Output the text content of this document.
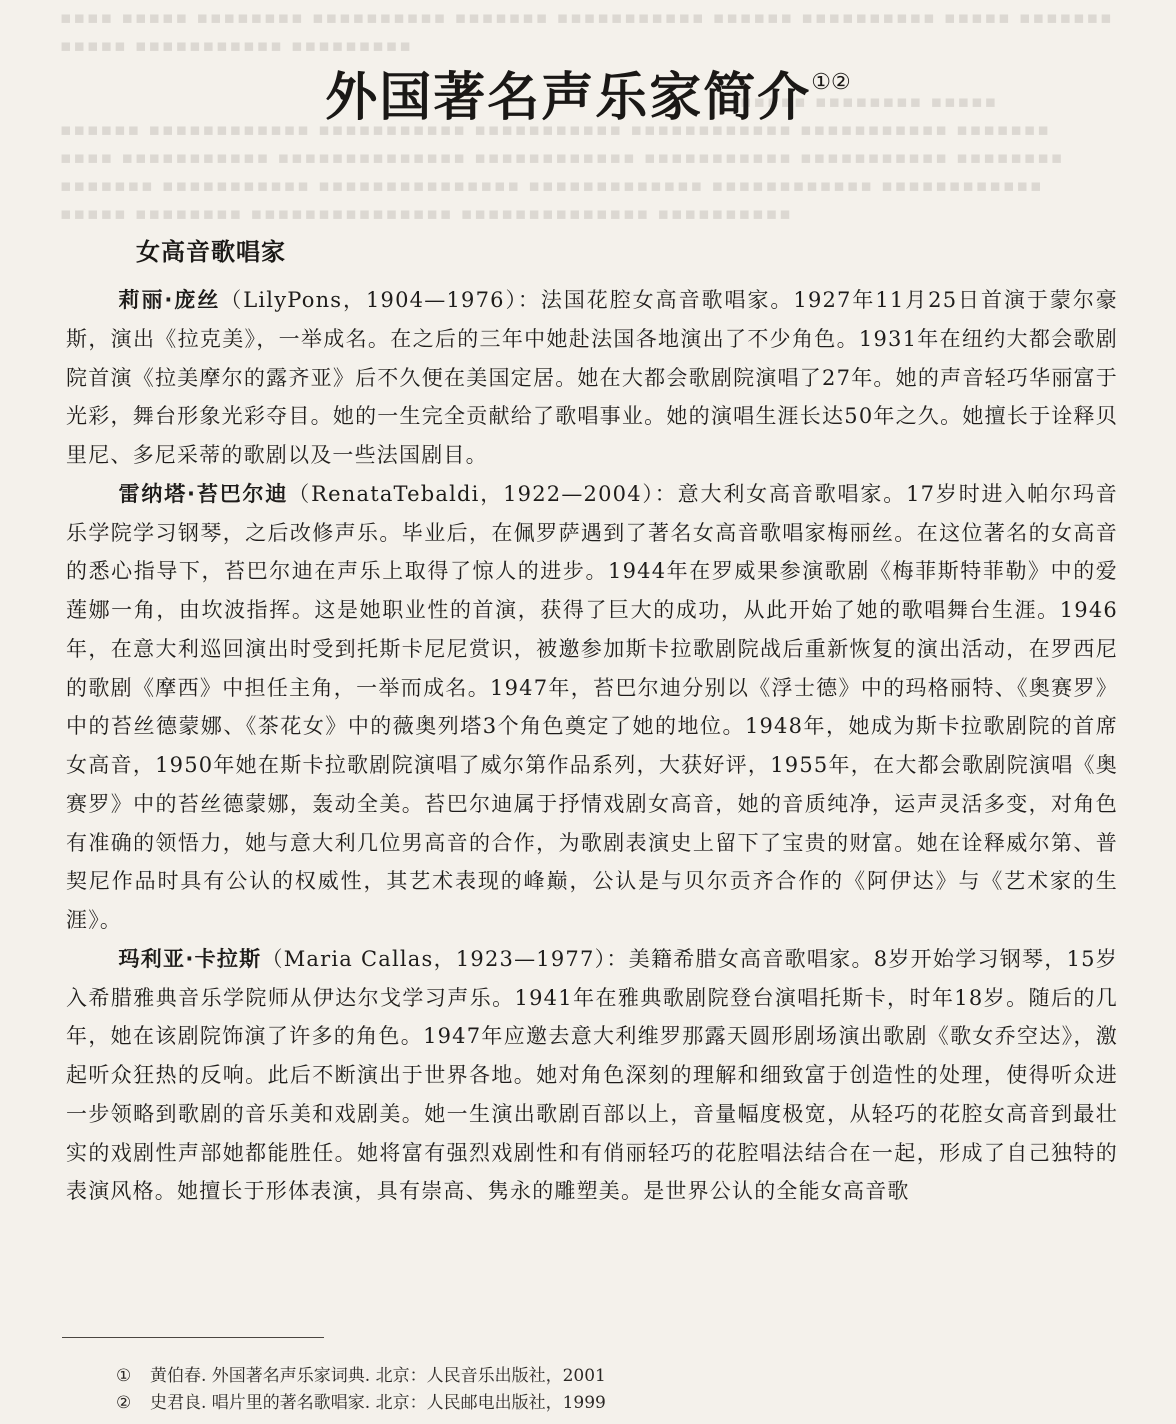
▪▪▪▪ ▪▪▪▪▪ ▪▪▪▪▪▪▪▪ ▪▪▪▪▪▪▪▪▪▪ ▪▪▪▪▪▪▪ ▪▪▪▪▪▪▪▪▪▪▪ ▪▪▪▪▪▪ ▪▪▪▪▪▪▪▪▪▪ ▪▪▪▪▪ ▪▪▪▪▪▪▪
▪▪▪▪▪ ▪▪▪▪▪▪▪▪▪▪▪ ▪▪▪▪▪▪▪▪▪

▪▪▪▪▪ ▪▪▪▪▪▪▪▪ ▪▪▪▪▪
▪▪▪▪▪▪ ▪▪▪▪▪▪▪▪▪▪▪▪ ▪▪▪▪▪▪▪▪▪▪▪ ▪▪▪▪▪▪▪▪▪▪▪ ▪▪▪▪▪▪▪▪▪▪▪▪ ▪▪▪▪▪▪▪▪▪▪▪ ▪▪▪▪▪▪▪
▪▪▪▪ ▪▪▪▪▪▪▪▪▪▪▪ ▪▪▪▪▪▪▪▪▪▪▪▪▪▪ ▪▪▪▪▪▪▪▪▪▪▪▪ ▪▪▪▪▪▪▪▪▪▪▪ ▪▪▪▪▪▪▪▪▪▪▪ ▪▪▪▪▪▪▪▪
▪▪▪▪▪▪▪ ▪▪▪▪▪▪▪▪▪▪▪ ▪▪▪▪▪▪▪▪▪▪▪▪▪▪▪ ▪▪▪▪▪▪▪▪▪▪▪▪▪ ▪▪▪▪▪▪▪▪▪▪▪▪ ▪▪▪▪▪▪▪▪▪▪▪▪
▪▪▪▪▪ ▪▪▪▪▪▪▪▪ ▪▪▪▪▪▪▪▪▪▪▪▪▪▪▪ ▪▪▪▪▪▪▪▪▪▪▪▪▪▪ ▪▪▪▪▪▪▪▪▪▪
外国著名声乐家简介①②
女高音歌唱家

莉丽·庞丝（LilyPons，1904—1976）：法国花腔女高音歌唱家。1927年11月25日首演于蒙尔豪斯，演出《拉克美》，一举成名。在之后的三年中她赴法国各地演出了不少角色。1931年在纽约大都会歌剧院首演《拉美摩尔的露齐亚》后不久便在美国定居。她在大都会歌剧院演唱了27年。她的声音轻巧华丽富于光彩，舞台形象光彩夺目。她的一生完全贡献给了歌唱事业。她的演唱生涯长达50年之久。她擅长于诠释贝里尼、多尼采蒂的歌剧以及一些法国剧目。

雷纳塔·苔巴尔迪（RenataTebaldi，1922—2004）：意大利女高音歌唱家。17岁时进入帕尔玛音乐学院学习钢琴，之后改修声乐。毕业后，在佩罗萨遇到了著名女高音歌唱家梅丽丝。在这位著名的女高音的悉心指导下，苔巴尔迪在声乐上取得了惊人的进步。1944年在罗威果参演歌剧《梅菲斯特菲勒》中的爱莲娜一角，由坎波指挥。这是她职业性的首演，获得了巨大的成功，从此开始了她的歌唱舞台生涯。1946年，在意大利巡回演出时受到托斯卡尼尼赏识，被邀参加斯卡拉歌剧院战后重新恢复的演出活动，在罗西尼的歌剧《摩西》中担任主角，一举而成名。1947年，苔巴尔迪分别以《浮士德》中的玛格丽特、《奥赛罗》中的苔丝德蒙娜、《茶花女》中的薇奥列塔3个角色奠定了她的地位。1948年，她成为斯卡拉歌剧院的首席女高音，1950年她在斯卡拉歌剧院演唱了威尔第作品系列，大获好评，1955年，在大都会歌剧院演唱《奥赛罗》中的苔丝德蒙娜，轰动全美。苔巴尔迪属于抒情戏剧女高音，她的音质纯净，运声灵活多变，对角色有准确的领悟力，她与意大利几位男高音的合作，为歌剧表演史上留下了宝贵的财富。她在诠释威尔第、普契尼作品时具有公认的权威性，其艺术表现的峰巅，公认是与贝尔贡齐合作的《阿伊达》与《艺术家的生涯》。

玛利亚·卡拉斯（Maria Callas，1923—1977）：美籍希腊女高音歌唱家。8岁开始学习钢琴，15岁入希腊雅典音乐学院师从伊达尔戈学习声乐。1941年在雅典歌剧院登台演唱托斯卡，时年18岁。随后的几年，她在该剧院饰演了许多的角色。1947年应邀去意大利维罗那露天圆形剧场演出歌剧《歌女乔空达》，激起听众狂热的反响。此后不断演出于世界各地。她对角色深刻的理解和细致富于创造性的处理，使得听众进一步领略到歌剧的音乐美和戏剧美。她一生演出歌剧百部以上，音量幅度极宽，从轻巧的花腔女高音到最壮实的戏剧性声部她都能胜任。她将富有强烈戏剧性和有俏丽轻巧的花腔唱法结合在一起，形成了自己独特的表演风格。她擅长于形体表演，具有崇高、隽永的雕塑美。是世界公认的全能女高音歌

① 黄伯春. 外国著名声乐家词典. 北京：人民音乐出版社，2001
② 史君良. 唱片里的著名歌唱家. 北京：人民邮电出版社，1999
